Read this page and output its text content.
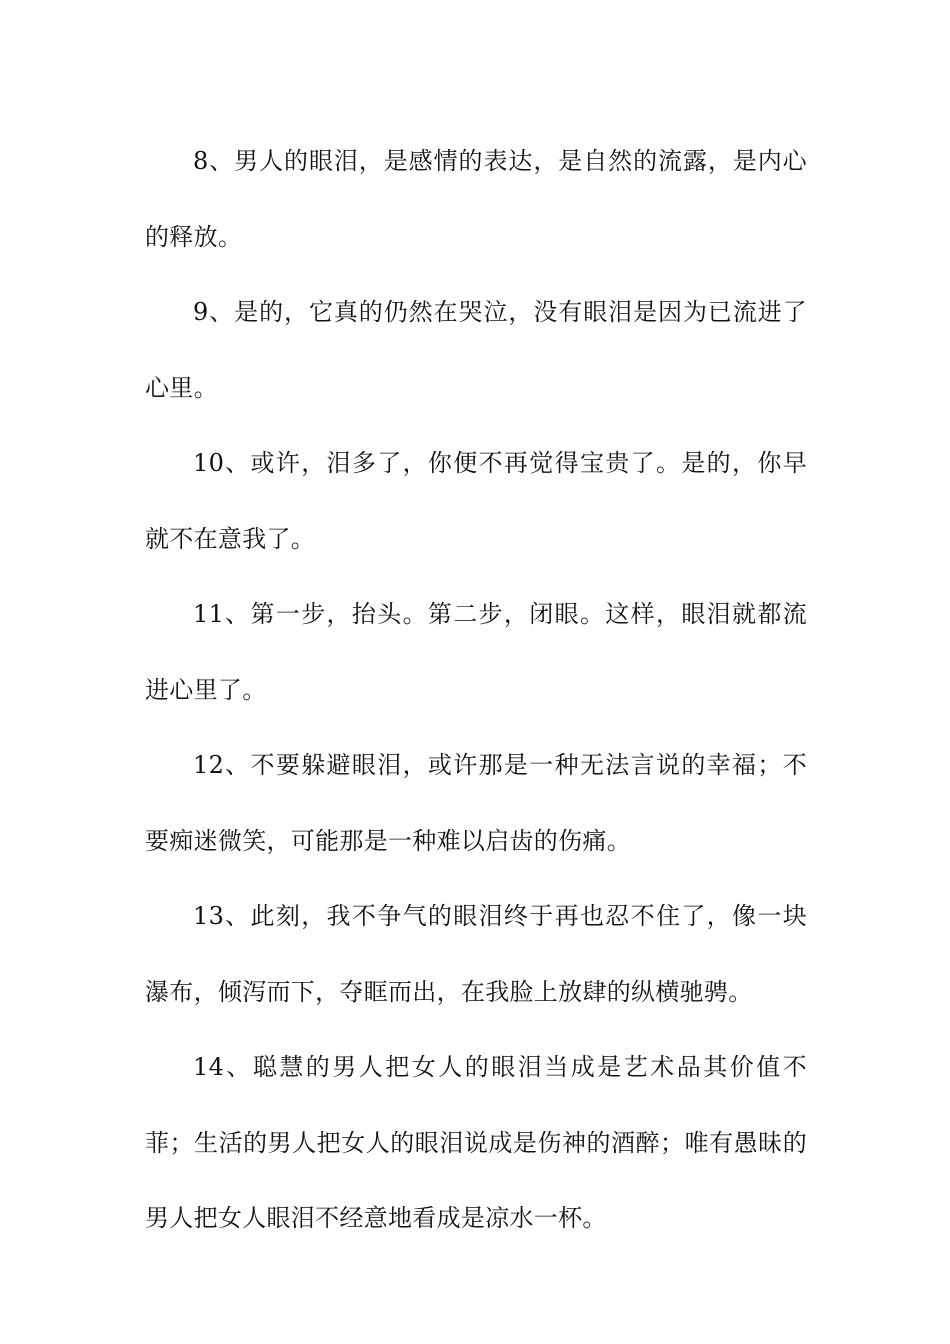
8、男人的眼泪，是感情的表达，是自然的流露，是内心的释放。

9、是的，它真的仍然在哭泣，没有眼泪是因为已流进了心里。

10、或许，泪多了，你便不再觉得宝贵了。是的，你早就不在意我了。

11、第一步，抬头。第二步，闭眼。这样，眼泪就都流进心里了。

12、不要躲避眼泪，或许那是一种无法言说的幸福；不要痴迷微笑，可能那是一种难以启齿的伤痛。

13、此刻，我不争气的眼泪终于再也忍不住了，像一块瀑布，倾泻而下，夺眶而出，在我脸上放肆的纵横驰骋。

14、聪慧的男人把女人的眼泪当成是艺术品其价值不菲；生活的男人把女人的眼泪说成是伤神的酒醉；唯有愚昧的男人把女人眼泪不经意地看成是凉水一杯。
